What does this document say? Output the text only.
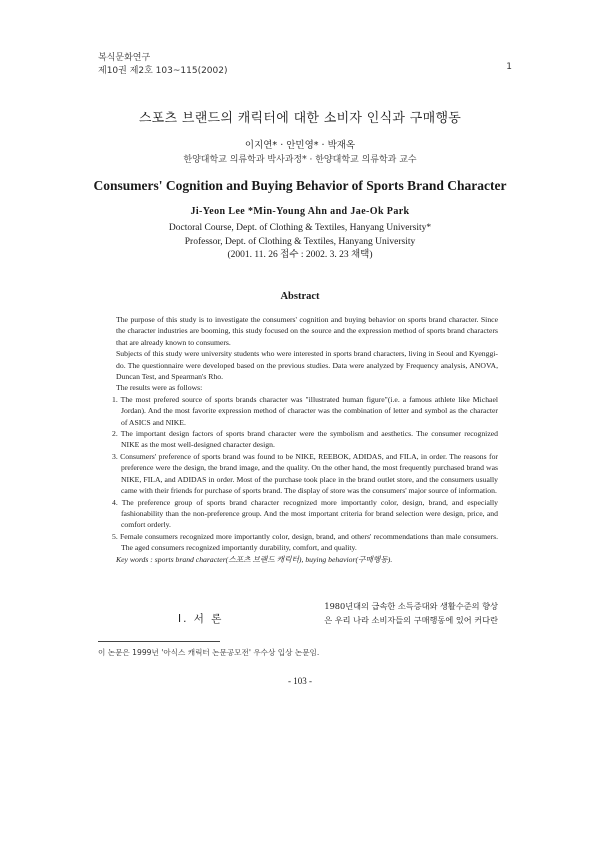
복식문화연구
제10권 제2호 103~115(2002)	1
스포츠 브랜드의 캐릭터에 대한 소비자 인식과 구매행동
이지연* · 안민영* · 박재옥
한양대학교 의류학과 박사과정* · 한양대학교 의류학과 교수
Consumers' Cognition and Buying Behavior of Sports Brand Character
Ji-Yeon Lee *Min-Young Ahn and Jae-Ok Park
Doctoral Course, Dept. of Clothing & Textiles, Hanyang University*
Professor, Dept. of Clothing & Textiles, Hanyang University
(2001. 11. 26 접수 : 2002. 3. 23 채택)
Abstract

The purpose of this study is to investigate the consumers' cognition and buying behavior on sports brand character. Since the character industries are booming, this study focused on the source and the expression method of sports brand characters that are already known to consumers.

Subjects of this study were university students who were interested in sports brand characters, living in Seoul and Kyenggi-do. The questionnaire were developed based on the previous studies. Data were analyzed by Frequency analysis, ANOVA, Duncan Test, and Spearman's Rho.

The results were as follows:

1. The most prefered source of sports brands character was "illustrated human figure"(i.e. a famous athlete like Michael Jordan). And the most favorite expression method of character was the combination of letter and symbol as the character of ASICS and NIKE.
2. The important design factors of sports brand character were the symbolism and aesthetics. The consumer recognized NIKE as the most well-designed character design.
3. Consumers' preference of sports brand was found to be NIKE, REEBOK, ADIDAS, and FILA, in order. The reasons for preference were the design, the brand image, and the quality. On the other hand, the most frequently purchased brand was NIKE, FILA, and ADIDAS in order. Most of the purchase took place in the brand outlet store, and the consumers usually came with their friends for purchase of sports brand. The display of store was the consumers' major source of information.
4. The preference group of sports brand character recognized more importantly color, design, brand, and especially fashionability than the non-preference group. And the most important criteria for brand selection were design, price, and comfort orderly.
5. Female consumers recognized more importantly color, design, brand, and others' recommendations than male consumers. The aged consumers recognized importantly durability, comfort, and quality.

Key words : sports brand character(스포츠 브랜드 캐릭터), buying behavior(구매행동).

Ⅰ. 서 론
1980년대의 급속한 소득증대와 생활수준의 향상
은 우리 나라 소비자들의 구매행동에 있어 커다란
이 논문은 1999년 '아식스 캐릭터 논문공모전' 우수상 입상 논문임.
- 103 -
